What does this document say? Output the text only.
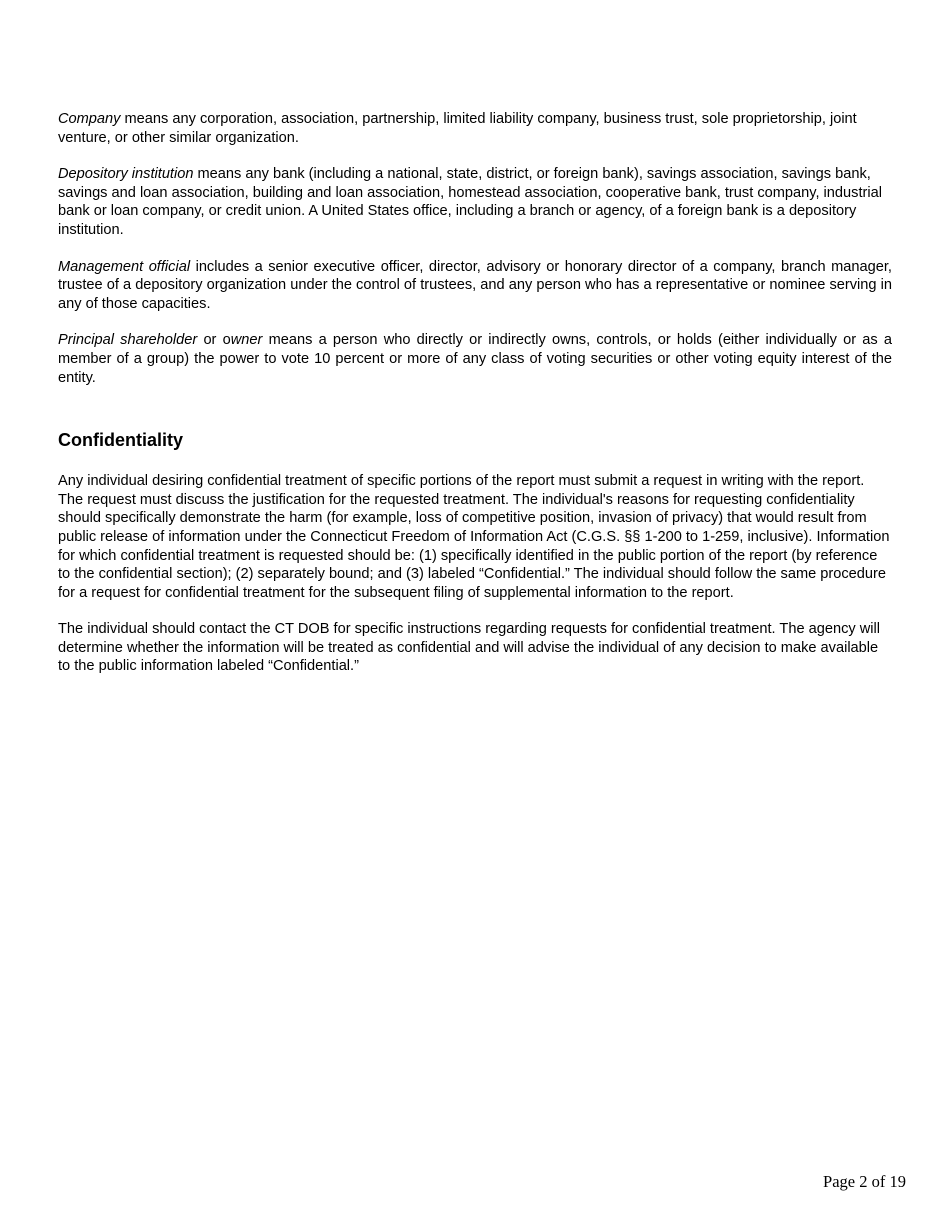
Company means any corporation, association, partnership, limited liability company, business trust, sole proprietorship, joint venture, or other similar organization.

Depository institution means any bank (including a national, state, district, or foreign bank), savings association, savings bank, savings and loan association, building and loan association, homestead association, cooperative bank, trust company, industrial bank or loan company, or credit union. A United States office, including a branch or agency, of a foreign bank is a depository institution.

Management official includes a senior executive officer, director, advisory or honorary director of a company, branch manager, trustee of a depository organization under the control of trustees, and any person who has a representative or nominee serving in any of those capacities.

Principal shareholder or owner means a person who directly or indirectly owns, controls, or holds (either individually or as a member of a group) the power to vote 10 percent or more of any class of voting securities or other voting equity interest of the entity.

Confidentiality

Any individual desiring confidential treatment of specific portions of the report must submit a request in writing with the report. The request must discuss the justification for the requested treatment. The individual's reasons for requesting confidentiality should specifically demonstrate the harm (for example, loss of competitive position, invasion of privacy) that would result from public release of information under the Connecticut Freedom of Information Act (C.G.S. §§ 1-200 to 1-259, inclusive). Information for which confidential treatment is requested should be: (1) specifically identified in the public portion of the report (by reference to the confidential section); (2) separately bound; and (3) labeled “Confidential.” The individual should follow the same procedure for a request for confidential treatment for the subsequent filing of supplemental information to the report.

The individual should contact the CT DOB for specific instructions regarding requests for confidential treatment. The agency will determine whether the information will be treated as confidential and will advise the individual of any decision to make available to the public information labeled “Confidential.”

Page 2 of 19
